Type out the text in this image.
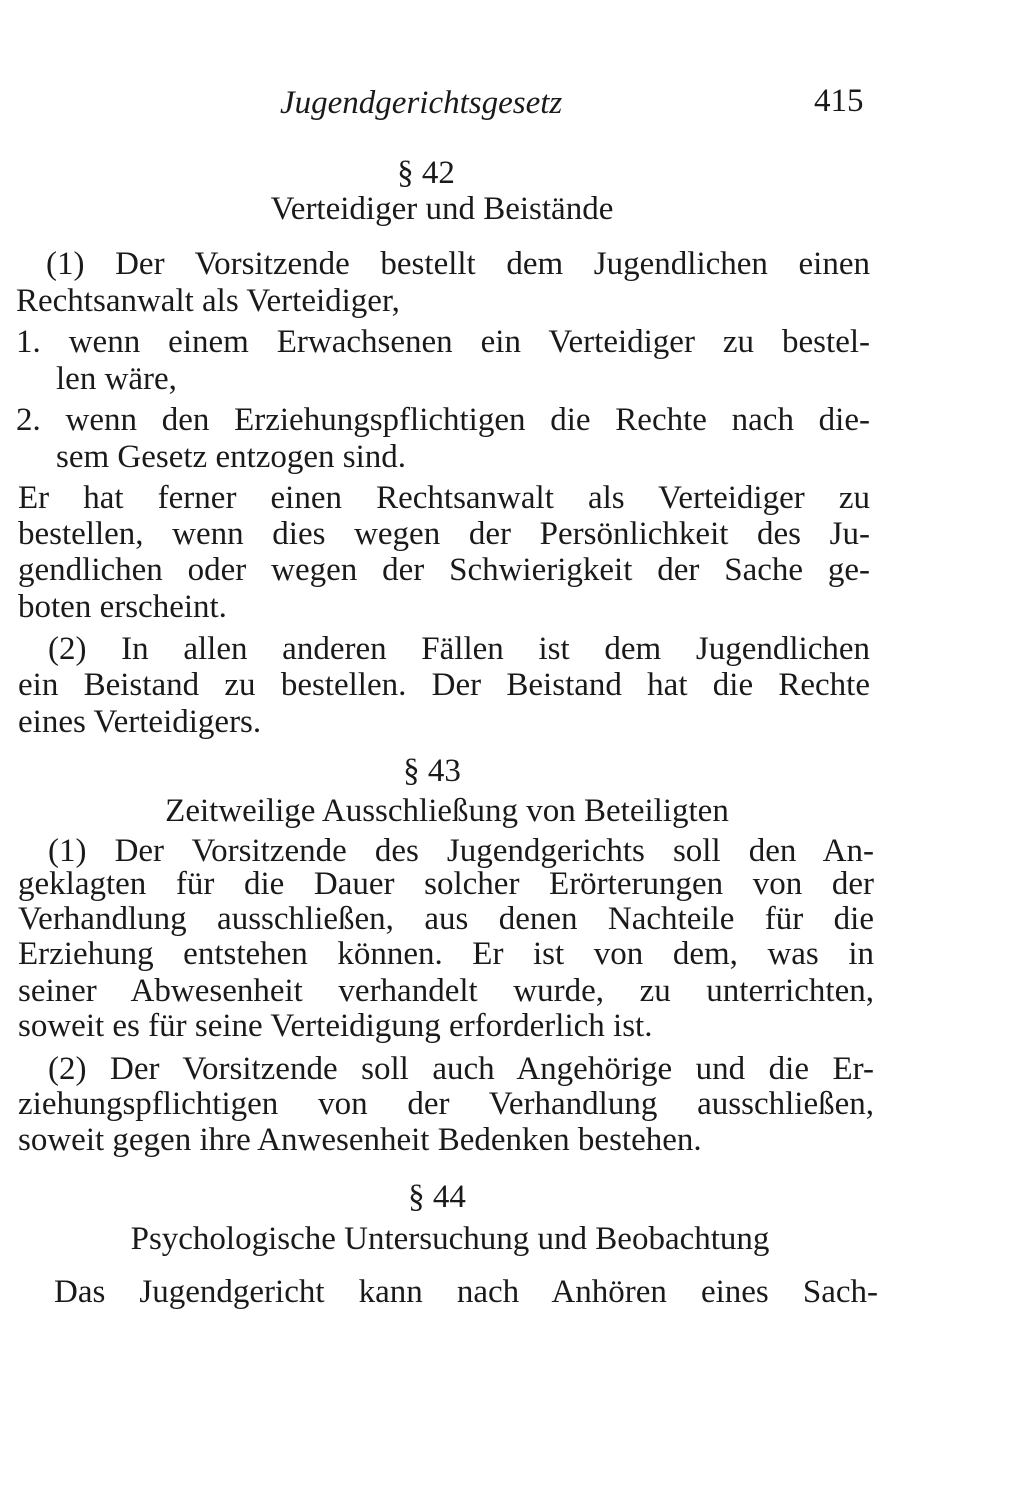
Jugendgerichtsgesetz	415
§ 42
Verteidiger und Beistände
(1) Der Vorsitzende bestellt dem Jugendlichen einen
Rechtsanwalt als Verteidiger,
1. wenn einem Erwachsenen ein Verteidiger zu bestel-
len wäre,
2. wenn den Erziehungspflichtigen die Rechte nach die-
sem Gesetz entzogen sind.
Er hat ferner einen Rechtsanwalt als Verteidiger zu
bestellen, wenn dies wegen der Persönlichkeit des Ju-
gendlichen oder wegen der Schwierigkeit der Sache ge-
boten erscheint.
(2) In allen anderen Fällen ist dem Jugendlichen
ein Beistand zu bestellen. Der Beistand hat die Rechte
eines Verteidigers.
§ 43
Zeitweilige Ausschließung von Beteiligten
(1) Der Vorsitzende des Jugendgerichts soll den An-
geklagten für die Dauer solcher Erörterungen von der
Verhandlung ausschließen, aus denen Nachteile für die
Erziehung entstehen können. Er ist von dem, was in
seiner Abwesenheit verhandelt wurde, zu unterrichten,
soweit es für seine Verteidigung erforderlich ist.
(2) Der Vorsitzende soll auch Angehörige und die Er-
ziehungspflichtigen von der Verhandlung ausschließen,
soweit gegen ihre Anwesenheit Bedenken bestehen.
§ 44
Psychologische Untersuchung und Beobachtung
Das Jugendgericht kann nach Anhören eines Sach-
